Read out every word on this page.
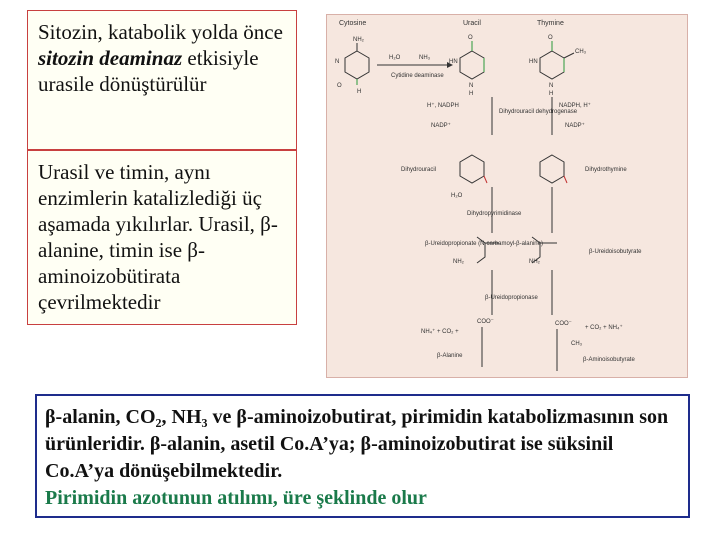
Sitozin, katabolik yolda önce sitozin deaminaz etkisiyle urasile dönüştürülür

Urasil ve timin, aynı enzimlerin katalizlediği üç aşamada yıkılırlar. Urasil, β-alanine, timin ise β-aminoizobütirata çevrilmektedir

Cytosine	Uracil	Thymine
NH₂
N
O
H
H₂O	NH₃
Cytidine deaminase
O
HN
N
H
O
CH₃
HN
N
H
H⁺, NADPH	NADPH, H⁺
Dihydrouracil dehydrogenase
NADP⁺	NADP⁺
Dihydrouracil	Dihydrothymine
H₂O
Dihydropyrimidinase
β-Ureidopropionate (N-carbamoyl-β-alanine)
β-Ureidoisobutyrate
β-Ureidopropionase
NH₂	NH₂
NH₄⁺ + CO₂ +
+ CO₂ + NH₄⁺
COO⁻	COO⁻
β-Alanine
β-Aminoisobutyrate
CH₃

β-alanin, CO₂, NH₃ ve β-aminoizobutirat, pirimidin katabolizmasının son ürünleridir. β-alanin, asetil Co.A’ya; β-aminoizobutirat ise süksinil Co.A’ya dönüşebilmektedir.
Pirimidin azotunun atılımı, üre şeklinde olur
